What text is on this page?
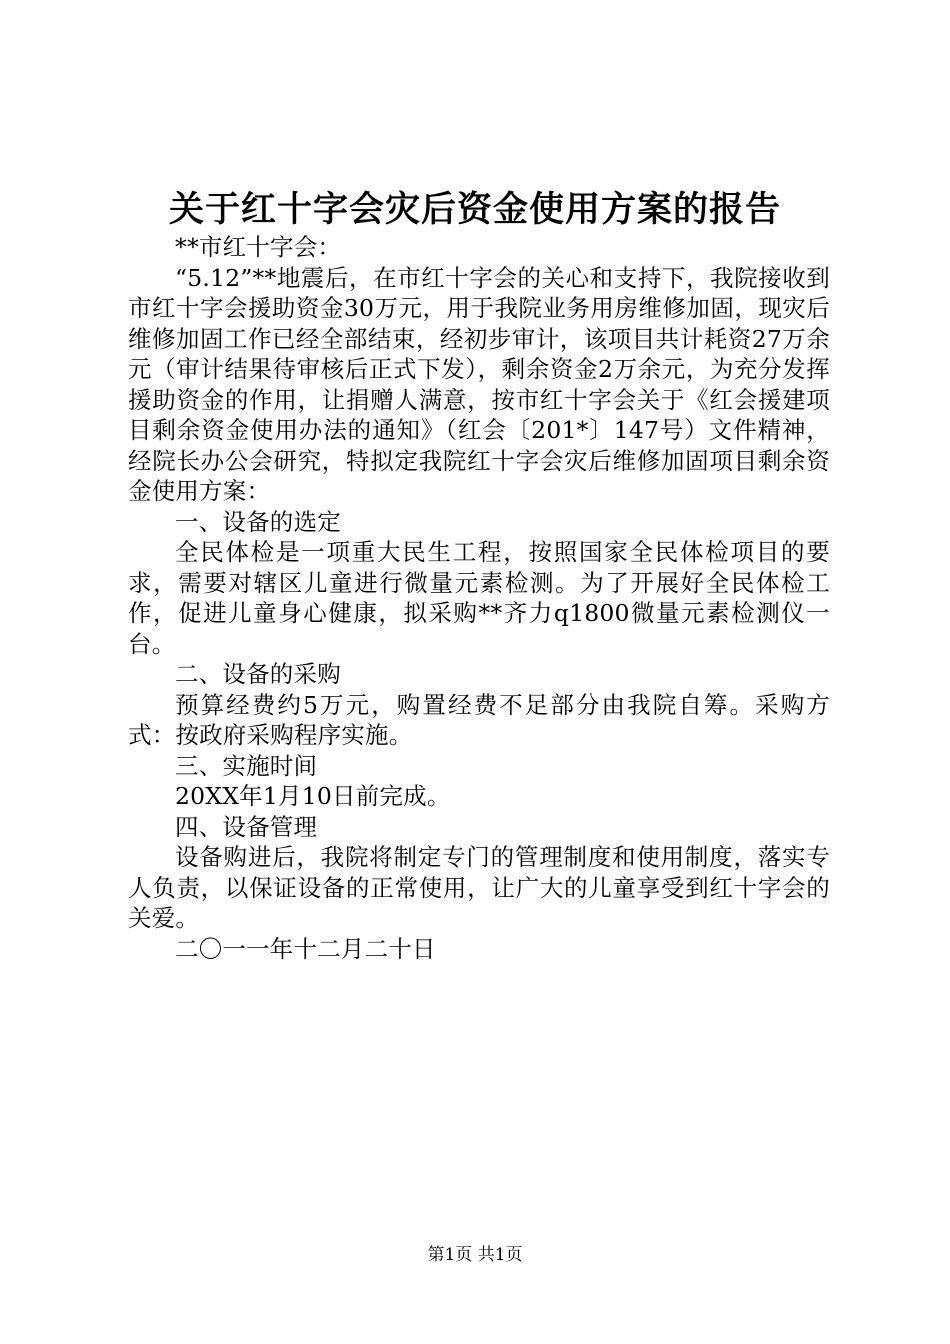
关于红十字会灾后资金使用方案的报告

**市红十字会：

“5.12”**地震后，在市红十字会的关心和支持下，我院接收到市红十字会援助资金30万元，用于我院业务用房维修加固，现灾后维修加固工作已经全部结束，经初步审计，该项目共计耗资27万余元（审计结果待审核后正式下发），剩余资金2万余元，为充分发挥援助资金的作用，让捐赠人满意，按市红十字会关于《红会援建项目剩余资金使用办法的通知》（红会〔201*〕147号）文件精神，经院长办公会研究，特拟定我院红十字会灾后维修加固项目剩余资金使用方案：

一、设备的选定

全民体检是一项重大民生工程，按照国家全民体检项目的要求，需要对辖区儿童进行微量元素检测。为了开展好全民体检工作，促进儿童身心健康，拟采购**齐力q1800微量元素检测仪一台。

二、设备的采购

预算经费约5万元，购置经费不足部分由我院自筹。采购方式：按政府采购程序实施。

三、实施时间

20XX年1月10日前完成。

四、设备管理

设备购进后，我院将制定专门的管理制度和使用制度，落实专人负责，以保证设备的正常使用，让广大的儿童享受到红十字会的关爱。

二〇一一年十二月二十日

第1页 共1页
